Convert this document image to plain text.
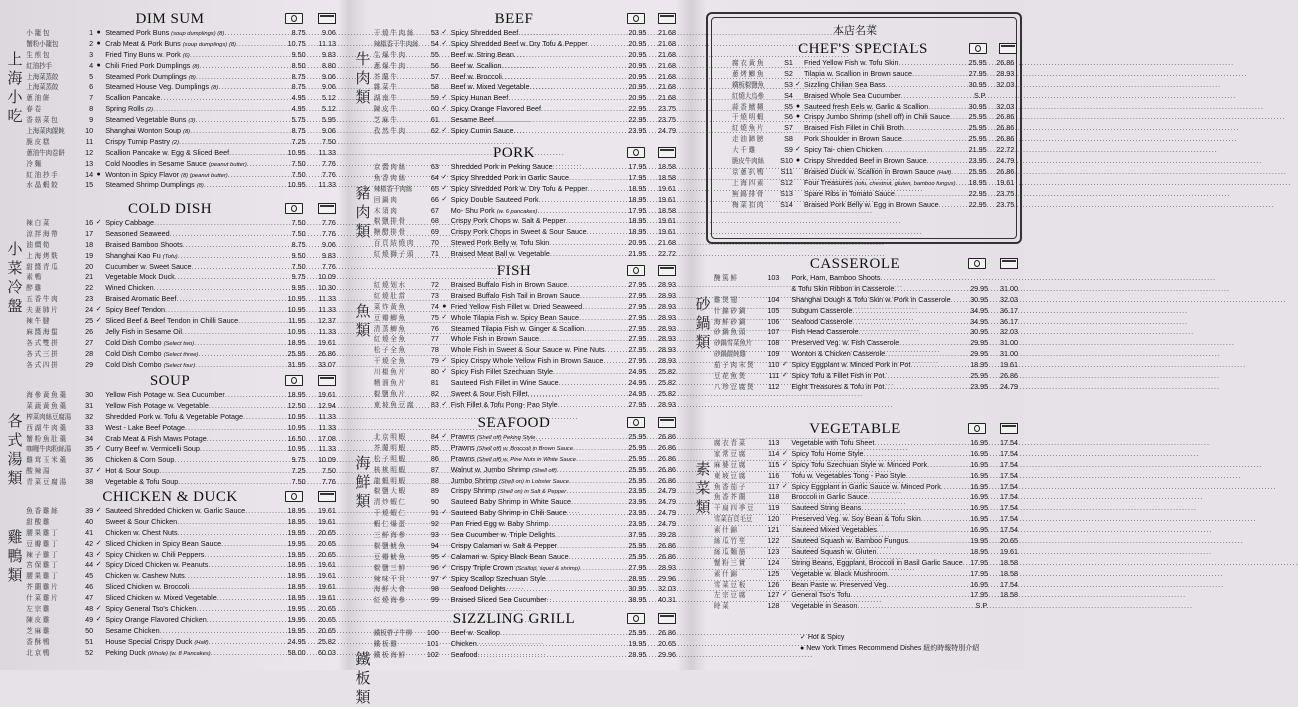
DIM SUM
上
海
小
吃
小 籠 包	1 ● Steamed Pork Buns (soup dumplings) (8) .....	8.75	9.06
蟹粉小籠包	2 ● Crab Meat & Pork Buns (soup dumplings) (8) .....	10.75	11.13
生 煎 包	3 Fried Tiny Buns w. Pork (6) .....	9.50	9.83
紅油抄手	4 ● Chili Fried Pork Dumplings (8) .....	8.50	8.80
上海菜蒸餃	5 Steamed Pork Dumplings (8) .....	8.75	9.06
上海菜蒸餃	6 Steamed House Veg. Dumplings (8) .....	8.75	9.06
蔥 油 餅	7 Scallion Pancake .....	4.95	5.12
春 卷	8 Spring Rolls (2) .....	4.95	5.12
香 菇 菜 包	9 Steamed Vegetable Buns (3) .....	5.75	5.95
上海菜肉餛飩	10 Shanghai Wonton Soup (8) .....	8.75	9.06
脆 皮 糕	11 Crispy Turnip Pastry (2) .....	7.25	7.50
蔥油牛肉卷餅	12 Scallion Pancake w. Egg & Sliced Beef .....	10.95	11.33
冷 麵	13 Cold Noodles in Sesame Sauce (peanut butter) .....	7.50	7.76
紅 油 抄 手	14 ● Wonton in Spicy Flavor (8) (peanut butter) .....	7.50	7.76
水 晶 蝦 餃	15 Steamed Shrimp Dumplings (8) .....	10.95	11.33
COLD DISH
小
菜
冷
盤
辣 白 菜	16 ✓ Spicy Cabbage .....	7.50	7.76
涼 拌 海 帶	17 Seasoned Seaweed .....	7.50	7.76
油 燜 筍	18 Braised Bamboo Shoots .....	8.75	9.06
上 海 烤 麩	19 Shanghai Kao Fu (Tofu) .....	9.50	9.83
甜 醬 青 瓜	20 Cucumber w. Sweet Sauce .....	7.50	7.76
素 鴨	21 Vegetable Mock Duck .....	9.75	10.09
醉 雞	22 Wined Chicken .....	9.95	10.30
五 香 牛 肉	23 Braised Aromatic Beef .....	10.95	11.33
夫 妻 肺 片	24 ✓ Spicy Beef Tendon .....	10.95	11.33
辣 牛 腱	25 ✓ Sliced Beef & Beef Tendon in Chilli Sauce .....	11.95	12.37
麻 醬 海 蜇	26 Jelly Fish in Sesame Oil .....	10.95	11.33
各 式 雙 拼	27 Cold Dish Combo (Select two) .....	18.95	19.61
各 式 三 拼	28 Cold Dish Combo (Select three) .....	25.95	26.86
各 式 四 拼	29 Cold Dish Combo (Select four) .....	31.95	33.07
SOUP
各
式
湯
類
海 參 黃 魚 羹	30 Yellow Fish Potage w. Sea Cucumber .....	18.95	19.61
菜 蔬 黃 魚 羹	31 Yellow Fish Potage w. Vegetable .....	12.50	12.94
榨菜肉絲豆腐湯	32 Shredded Pork w. Tofu & Vegetable Potage .....	10.95	11.33
西 湖 牛 肉 羹	33 West - Lake Beef Potage .....	10.95	11.33
蟹 粉 魚 肚 羹	34 Crab Meat & Fish Maws Potage .....	16.50	17.08
咖喱牛肉粉絲湯	35 ✓ Curry Beef w. Vermicelli Soup .....	10.95	11.33
雞 茸 玉 米 羹	36 Chicken & Corn Soup .....	9.75	10.09
酸 辣 湯	37 ✓ Hot & Sour Soup .....	7.25	7.50
青 菜 豆 腐 湯	38 Vegetable & Tofu Soup .....	7.50	7.76
CHICKEN & DUCK
雞
鴨
類
魚 香 雞 絲	39 ✓ Sauteed Shredded Chicken w. Garlic Sauce .....	18.95	19.61
甜 酸 雞	40 Sweet & Sour Chicken .....	18.95	19.61
腰 果 雞 丁	41 Chicken w. Chest Nuts .....	19.95	20.65
豆 瓣 雞 丁	42 ✓ Sliced Chicken in Spicy Bean Sauce .....	19.95	20.65
辣 子 雞 丁	43 ✓ Spicy Chicken w. Chili Peppers .....	19.95	20.65
宮 保 雞 丁	44 ✓ Spicy Diced Chicken w. Peanuts .....	18.95	19.61
腰 果 雞 丁	45 Chicken w. Cashew Nuts .....	18.95	19.61
芥 蘭 雞 片	46 Sliced Chicken w. Broccoli .....	18.95	19.61
什 菜 雞 片	47 Sliced Chicken w. Mixed Vegetable .....	18.95	19.61
左 宗 雞	48 ✓ Spicy General Tso's Chicken .....	19.95	20.65
陳 皮 雞	49 ✓ Spicy Orange Flavored Chicken .....	19.95	20.65
芝 麻 雞	50 Sesame Chicken .....	19.95	20.65
香 酥 鴨	51 House Special Crispy Duck (Half) .....	24.95	25.82
北 京 鴨	52 Peking Duck (Whole) (w. 8 Pancakes) .....	58.00	60.03
BEEF
牛
肉
類
干 燒 牛 肉 絲	53 ✓ Spicy Shredded Beef .....	20.95	21.68
辣椒香干牛肉絲	54 ✓ Spicy Shredded Beef w. Dry Tofu & Pepper .....	20.95	21.68
生 爆 牛 肉	55 Beef w. String Bean .....	20.95	21.68
蔥 爆 牛 肉	56 Beef w. Scallion .....	20.95	21.68
芥 蘭 牛	57 Beef w. Broccoli .....	20.95	21.68
雜 菜 牛	58 Beef w. Mixed Vegetable .....	20.95	21.68
湖 南 牛	59 ✓ Spicy Hunan Beef .....	20.95	21.68
陳 皮 牛	60 ✓ Spicy Orange Flavored Beef .....	22.95	23.75
芝 麻 牛	61 Sesame Beef .....	22.95	23.75
孜 然 牛 肉	62 ✓ Spicy Cumin Sauce .....	23.95	24.79
PORK
豬
肉
類
京 醬 肉 絲	63 Shredded Pork in Peking Sauce .....	17.95	18.58
魚 香 肉 絲	64 ✓ Spicy Shredded Pork in Garlic Sauce .....	17.95	18.58
辣椒香干肉絲	65 ✓ Spicy Shredded Pork w. Dry Tofu & Pepper .....	18.95	19.61
回 鍋 肉	66 ✓ Spicy Double Sauteed Pork .....	18.95	19.61
木 須 肉	67 Mo- Shu Pork (w. 6 pancakes) .....	17.95	18.58
椒 鹽 排 骨	68 Crispy Pork Chops w. Salt & Pepper .....	18.95	19.61
糖 醋 排 骨	69 Crispy Pork Chops in Sweet & Sour Sauce .....	18.95	19.61
百 頁 結 燒 肉	70 Stewed Pork Belly w. Tofu Skin .....	20.95	21.68
紅 燒 獅 子 頭	71 Braised Meat Ball w. Vegetable .....	21.95	22.72
FISH
魚
類
紅 燒 划 水	72 Braised Buffalo Fish in Brown Sauce .....	27.95	28.93
紅 燒 肚 當	73 Braised Buffalo Fish Tail in Brown Sauce .....	27.95	28.93
菜 炸 黃 魚	74 ● Fried Yellow Fish Fillet w. Dried Seaweed .....	27.95	28.93
豆 瓣 鯽 魚	75 ✓ Whole Tilapia Fish w. Spicy Bean Sauce .....	27.95	28.93
清 蒸 鯽 魚	76 Steamed Tilapia Fish w. Ginger & Scallion .....	27.95	28.93
紅 燒 全 魚	77 Whole Fish in Brown Sauce .....	27.95	28.93
松 子 全 魚	78 Whole Fish in Sweet & Sour Sauce w. Pine Nuts .....	27.95	28.93
干 燒 全 魚	79 ✓ Spicy Crispy Whole Yellow Fish in Brown Sauce .....	27.95	28.93
川 椒 魚 片	80 ✓ Spicy Fish Fillet Szechuan Style .....	24.95	25.82
糟 溜 魚 片	81 Sauteed Fish Fillet in Wine Sauce .....	24.95	25.82
椒 鹽 魚 片	82 Sweet & Sour Fish Fillet .....	24.95	25.82
東 坡 魚 豆 腐	83 ✓ Fish Fillet & Tofu Pong- Pao Style .....	27.95	28.93
SEAFOOD
海
鮮
類
北 京 明 蝦	84 ✓ Prawns (Shell off) Peking Style .....	25.95	26.86
芥 蘭 明 蝦	85 Prawns (Shell off) w. Broccoli in Brown Sauce .....	25.95	26.86
松 子 明 蝦	86 Prawns (Shell off) w. Pine Nuts in White Sauce .....	25.95	26.86
核 桃 明 蝦	87 Walnut w. Jumbo Shrimp (Shell off) .....	25.95	26.86
龍 蝦 明 蝦	88 Jumbo Shrimp (Shell on) in Lobster Sauce .....	25.95	26.86
椒 鹽 大 蝦	89 Crispy Shrimp (Shell on) in Salt & Pepper .....	23.95	24.79
清 炒 蝦 仁	90 Sauteed Baby Shrimp in White Sauce .....	23.95	24.79
干 燒 蝦 仁	91 ✓ Sauteed Baby Shrimp in Chili Sauce .....	23.95	24.79
蝦 仁 爆 蛋	92 Pan Fried Egg w. Baby Shrimp .....	23.95	24.79
三 鮮 海 參	93 Sea Cucumber w. Triple Delights .....	37.95	39.28
椒 鹽 魷 魚	94 Crispy Calamari w. Salt & Pepper .....	25.95	26.86
豆 瓣 魷 魚	95 ✓ Calamari w. Spicy Black Bean Sauce .....	25.95	26.86
椒 鹽 三 鮮	96 ✓ Crispy Triple Crown (Scallop, squid & shrimp) .....	27.95	28.93
辣 味 干 貝	97 ✓ Spicy Scallop Szechuan Style .....	28.95	29.96
海 鮮 大 會	98 Seafood Delights .....	30.95	32.03
紅 燒 海 參	99 Braised Sliced Sea Cucumber .....	38.95	40.31
SIZZLING GRILL
鐵
板
類
鐵板帶子牛柳	100 Beef w. Scallop .....	25.95	26.86
鐵 板 雞	101 Chicken .....	19.95	20.65
鐵 板 海 鮮	102 Seafood .....	28.95	29.96
本店名菜
CHEF'S SPECIALS
腐 衣 黃 魚	S1 Fried Yellow Fish w. Tofu Skin .....	25.95	26.86
蔥 烤 鯽 魚	S2 Tilapia w. Scallion in Brown sauce .....	27.95	28.93
鐵板椒鹽魚	S3 ✓ Sizzling Chilian Sea Bass .....	30.95	32.03
紅燒大烏參	S4 Braised Whole Sea Cucumber .....	S.P.
蒜 香 鱔 糊	S5 ● Sauteed fresh Eels w. Garlic & Scallion .....	30.95	32.03
干 燒 明 蝦	S6 ● Crispy Jumbo Shrimp (shell off) in Chili Sauce .....	25.95	26.86
紅 燒 魚 片	S7 Braised Fish Fillet in Chili Broth .....	25.95	26.86
走 油 蹄 膀	S8 Pork Shoulder in Brown Sauce .....	25.95	26.86
大 千 雞	S9 ✓ Spicy Tai- chien Chicken .....	21.95	22.72
脆皮牛肉絲	S10 ● Crispy Shredded Beef in Brown Sauce .....	23.95	24.79
京 蔥 扒 鴨	S11 Braised Duck w. Scallion in Brown Sauce (Half) .....	25.95	26.86
上 海 四 素	S12 Four Treasures (tofu, chestnut, gluten, bamboo fungus) .....	18.95	19.61
無 錫 排 骨	S13 Spare Ribs in Tomato Sauce .....	22.95	23.75
梅 菜 扣 肉	S14 Braised Pork Belly w. Egg in Brown Sauce .....	22.95	23.75
CASSEROLE
砂
鍋
類
醃 篤 鮮	103 Pork, Ham, Bamboo Shoots .....
& Tofu Skin Ribbon in Casserole .....	29.95	31.00
雞 煲 翅	104 Shanghai Dough & Tofu Skin w. Pork in Casserole .....	30.95	32.03
什 錦 砂 鍋	105 Subgum Casserole .....	34.95	36.17
海 鮮 砂 鍋	106 Seafood Casserole .....	34.95	36.17
砂 鍋 魚 頭	107 Fish Head Casserole .....	30.95	32.03
砂鍋雪菜魚片	108 Preserved Veg. w. Fish Casserole .....	29.95	31.00
砂鍋餛飩雞	109 Wonton & Chicken Casserole .....	29.95	31.00
茄 子 肉 末 煲	110 ✓ Spicy Eggplant w. Minced Pork in Pot .....	18.95	19.61
豆 花 魚 煲	111 ✓ Spicy Tofu & Fillet Fish in Pot .....	25.95	26.86
八 珍 豆 腐 煲	112 Eight Treasures & Tofu in Pot .....	23.95	24.79
VEGETABLE
素
菜
類
腐 衣 青 菜	113 Vegetable with Tofu Sheet .....	16.95	17.54
家 常 豆 腐	114 ✓ Spicy Tofu Home Style .....	16.95	17.54
麻 婆 豆 腐	115 ✓ Spicy Tofu Szechuan Style w. Minced Pork .....	16.95	17.54
東 坡 豆 腐	116 Tofu w. Vegetables Tong - Pao Style .....	16.95	17.54
魚 香 茄 子	117 ✓ Spicy Eggplant in Garlic Sauce w. Minced Pork .....	16.95	17.54
魚 香 芥 蘭	118 Broccoli in Garlic Sauce .....	16.95	17.54
干 扁 四 季 豆	119 Sauteed String Beans .....	16.95	17.54
雪菜百頁毛豆	120 Preserved Veg. w. Soy Bean & Tofu Skin .....	16.95	17.54
素 什 錦	121 Sauteed Mixed Vegetables .....	16.95	17.54
絲 瓜 竹 笙	122 Sauteed Squash w. Bamboo Fungus .....	19.95	20.65
絲 瓜 麵 筋	123 Sauteed Squash w. Gluten .....	18.95	19.61
蟹 粉 三 寶	124 String Beans, Eggplant, Broccoli in Basil Garlic Sauce .....	17.95	18.58
素 什 錦	125 Vegetable w. Black Mushroom .....	17.95	18.58
雪 菜 豆 板	126 Bean Paste w. Preserved Veg. .....	16.95	17.54
左 宗 豆 腐	127 ✓ General Tso's Tofu .....	17.95	18.58
時 菜	128 Vegetable in Season .....	S.P.
✓ Hot & Spicy
● New York Times Recommend Dishes 紐約時報特別介紹
